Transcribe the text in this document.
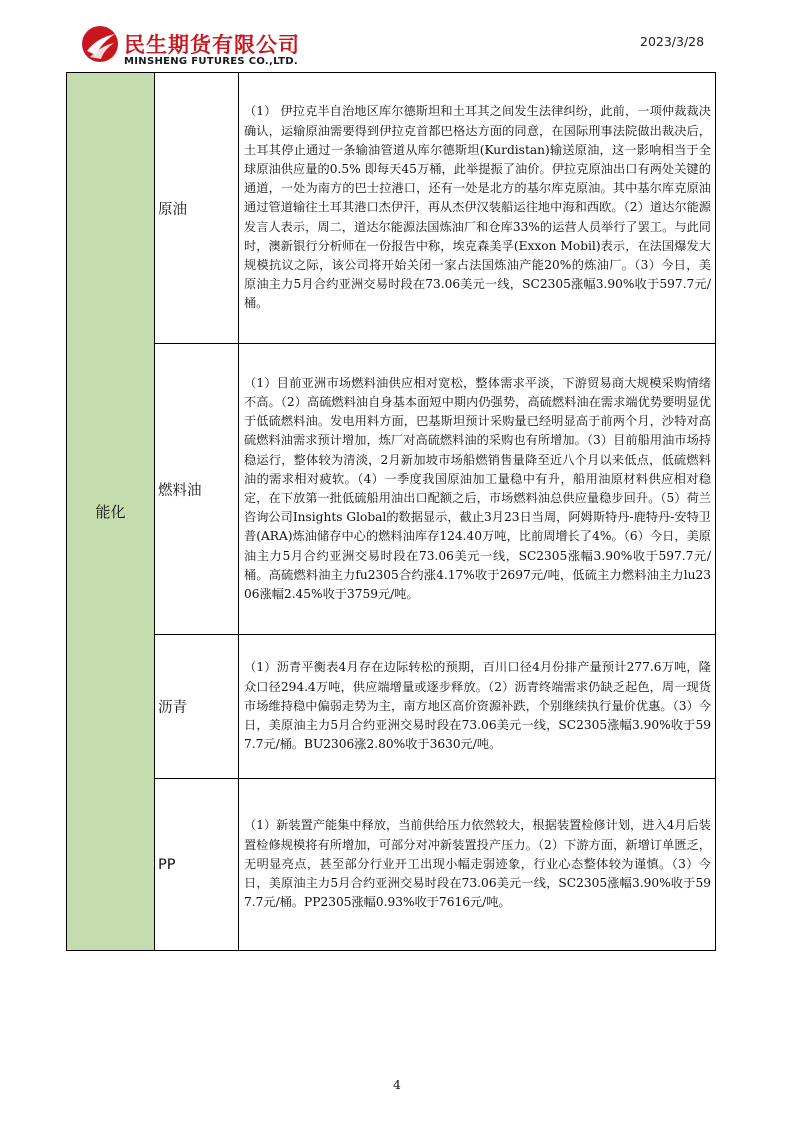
民生期货有限公司
MINSHENG FUTURES CO.,LTD.
2023/3/28
能化
原油

（1） 伊拉克半自治地区库尔德斯坦和土耳其之间发生法律纠纷，此前，一项仲裁裁决确认，运输原油需要得到伊拉克首都巴格达方面的同意，在国际刑事法院做出裁决后，土耳其停止通过一条输油管道从库尔德斯坦(Kurdistan)输送原油，这一影响相当于全球原油供应量的0.5% 即每天45万桶，此举提振了油价。伊拉克原油出口有两处关键的通道，一处为南方的巴士拉港口，还有一处是北方的基尔库克原油。其中基尔库克原油通过管道输往土耳其港口杰伊汗，再从杰伊汉装船运往地中海和西欧。（2）道达尔能源发言人表示，周二，道达尔能源法国炼油厂和仓库33%的运营人员举行了罢工。与此同时，澳新银行分析师在一份报告中称，埃克森美孚(Exxon Mobil)表示，在法国爆发大规模抗议之际，该公司将开始关闭一家占法国炼油产能20%的炼油厂。（3）今日，美原油主力5月合约亚洲交易时段在73.06美元一线，SC2305涨幅3.90%收于597.7元/桶。

燃料油

（1）目前亚洲市场燃料油供应相对宽松，整体需求平淡，下游贸易商大规模采购情绪不高。（2）高硫燃料油自身基本面短中期内仍强势，高硫燃料油在需求端优势要明显优于低硫燃料油。发电用料方面，巴基斯坦预计采购量已经明显高于前两个月，沙特对高硫燃料油需求预计增加，炼厂对高硫燃料油的采购也有所增加。（3）目前船用油市场持稳运行，整体较为清淡，2月新加坡市场船燃销售量降至近八个月以来低点，低硫燃料油的需求相对疲软。（4）一季度我国原油加工量稳中有升，船用油原材料供应相对稳定，在下放第一批低硫船用油出口配额之后，市场燃料油总供应量稳步回升。（5）荷兰咨询公司Insights Global的数据显示，截止3月23日当周，阿姆斯特丹-鹿特丹-安特卫普(ARA)炼油储存中心的燃料油库存124.40万吨，比前周增长了4%。（6）今日，美原油主力5月合约亚洲交易时段在73.06美元一线，SC2305涨幅3.90%收于597.7元/桶。高硫燃料油主力fu2305合约涨4.17%收于2697元/吨，低硫主力燃料油主力lu2306涨幅2.45%收于3759元/吨。

沥青

（1）沥青平衡表4月存在边际转松的预期，百川口径4月份排产量预计277.6万吨，隆众口径294.4万吨，供应端增量或逐步释放。（2）沥青终端需求仍缺乏起色，周一现货市场维持稳中偏弱走势为主，南方地区高价资源补跌，个别继续执行量价优惠。（3）今日，美原油主力5月合约亚洲交易时段在73.06美元一线，SC2305涨幅3.90%收于597.7元/桶。BU2306涨2.80%收于3630元/吨。

PP

（1）新装置产能集中释放，当前供给压力依然较大，根据装置检修计划，进入4月后装置检修规模将有所增加，可部分对冲新装置投产压力。（2）下游方面，新增订单匮乏，无明显亮点，甚至部分行业开工出现小幅走弱迹象，行业心态整体较为谨慎。（3）今日，美原油主力5月合约亚洲交易时段在73.06美元一线，SC2305涨幅3.90%收于597.7元/桶。PP2305涨幅0.93%收于7616元/吨。

4
